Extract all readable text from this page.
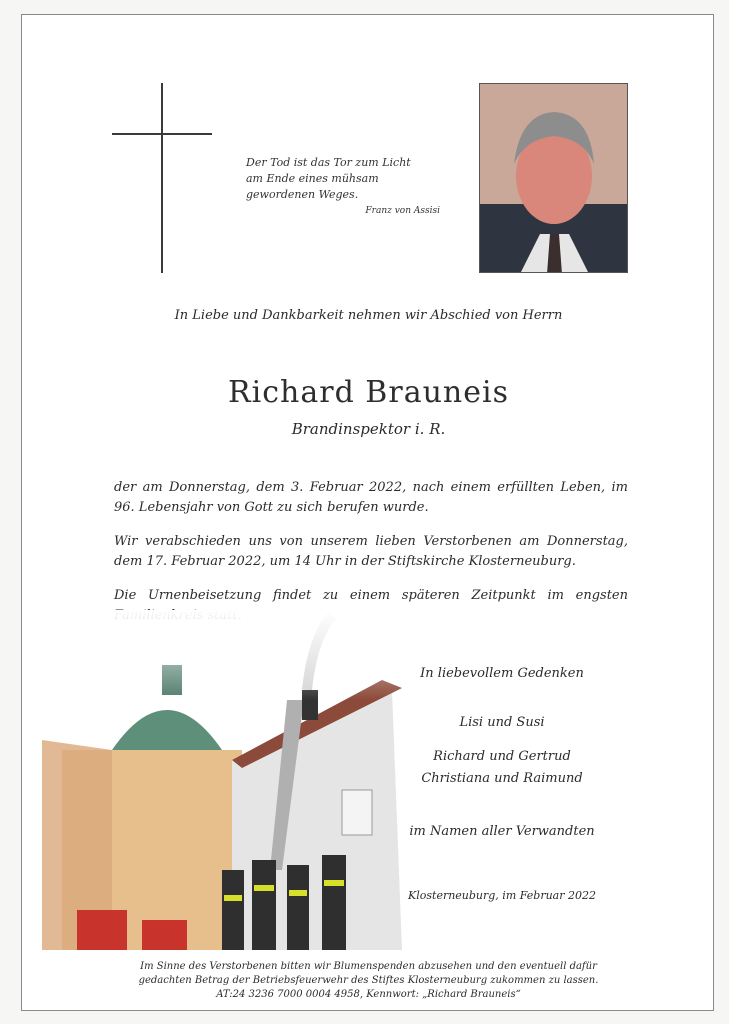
Der Tod ist das Tor zum Licht
am Ende eines mühsam
gewordenen Weges.
Franz von Assisi
In Liebe und Dankbarkeit nehmen wir Abschied von Herrn
Richard Brauneis
Brandinspektor i. R.
der am Donnerstag, dem 3. Februar 2022, nach einem erfüllten Leben, im 96. Lebensjahr von Gott zu sich berufen wurde.
Wir verabschieden uns von unserem lieben Verstorbenen am Donnerstag, dem 17. Februar 2022, um 14 Uhr in der Stiftskirche Klosterneuburg.
Die Urnenbeisetzung findet zu einem späteren Zeitpunkt im engsten
In liebevollem Gedenken
Lisi und Susi
Richard und Gertrud
Christiana und Raimund
im Namen aller Verwandten
Klosterneuburg, im Februar 2022
Im Sinne des Verstorbenen bitten wir Blumenspenden abzusehen und den eventuell dafür
gedachten Betrag der Betriebsfeuerwehr des Stiftes Klosterneuburg zukommen zu lassen.
AT:24 3236 7000 0004 4958, Kennwort: „Richard Brauneis“
